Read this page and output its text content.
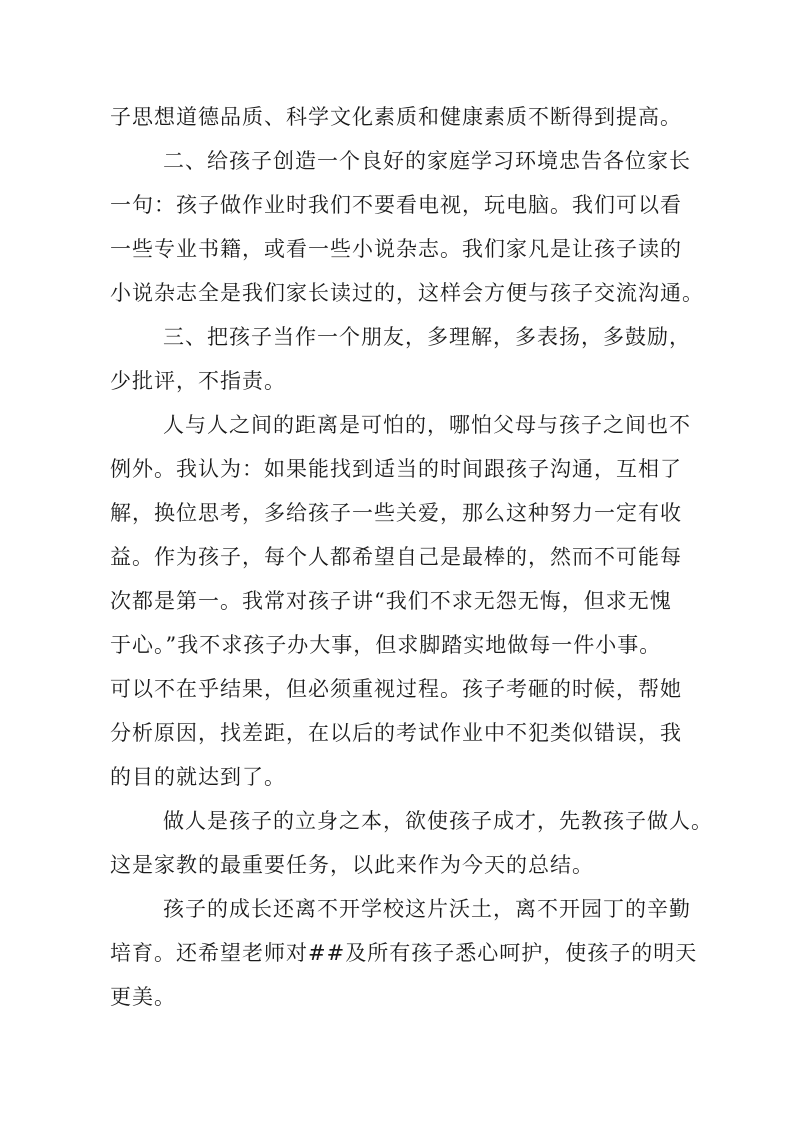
子思想道德品质、科学文化素质和健康素质不断得到提高。
二、给孩子创造一个良好的家庭学习环境忠告各位家长
一句：孩子做作业时我们不要看电视，玩电脑。我们可以看
一些专业书籍，或看一些小说杂志。我们家凡是让孩子读的
小说杂志全是我们家长读过的，这样会方便与孩子交流沟通。
三、把孩子当作一个朋友，多理解，多表扬，多鼓励，
少批评，不指责。
人与人之间的距离是可怕的，哪怕父母与孩子之间也不
例外。我认为：如果能找到适当的时间跟孩子沟通，互相了
解，换位思考，多给孩子一些关爱，那么这种努力一定有收
益。作为孩子，每个人都希望自己是最棒的，然而不可能每
次都是第一。我常对孩子讲“我们不求无怨无悔，但求无愧
于心。”我不求孩子办大事，但求脚踏实地做每一件小事。
可以不在乎结果，但必须重视过程。孩子考砸的时候，帮她
分析原因，找差距，在以后的考试作业中不犯类似错误，我
的目的就达到了。
做人是孩子的立身之本，欲使孩子成才，先教孩子做人。
这是家教的最重要任务，以此来作为今天的总结。
孩子的成长还离不开学校这片沃土，离不开园丁的辛勤
培育。还希望老师对##及所有孩子悉心呵护，使孩子的明天
更美。
